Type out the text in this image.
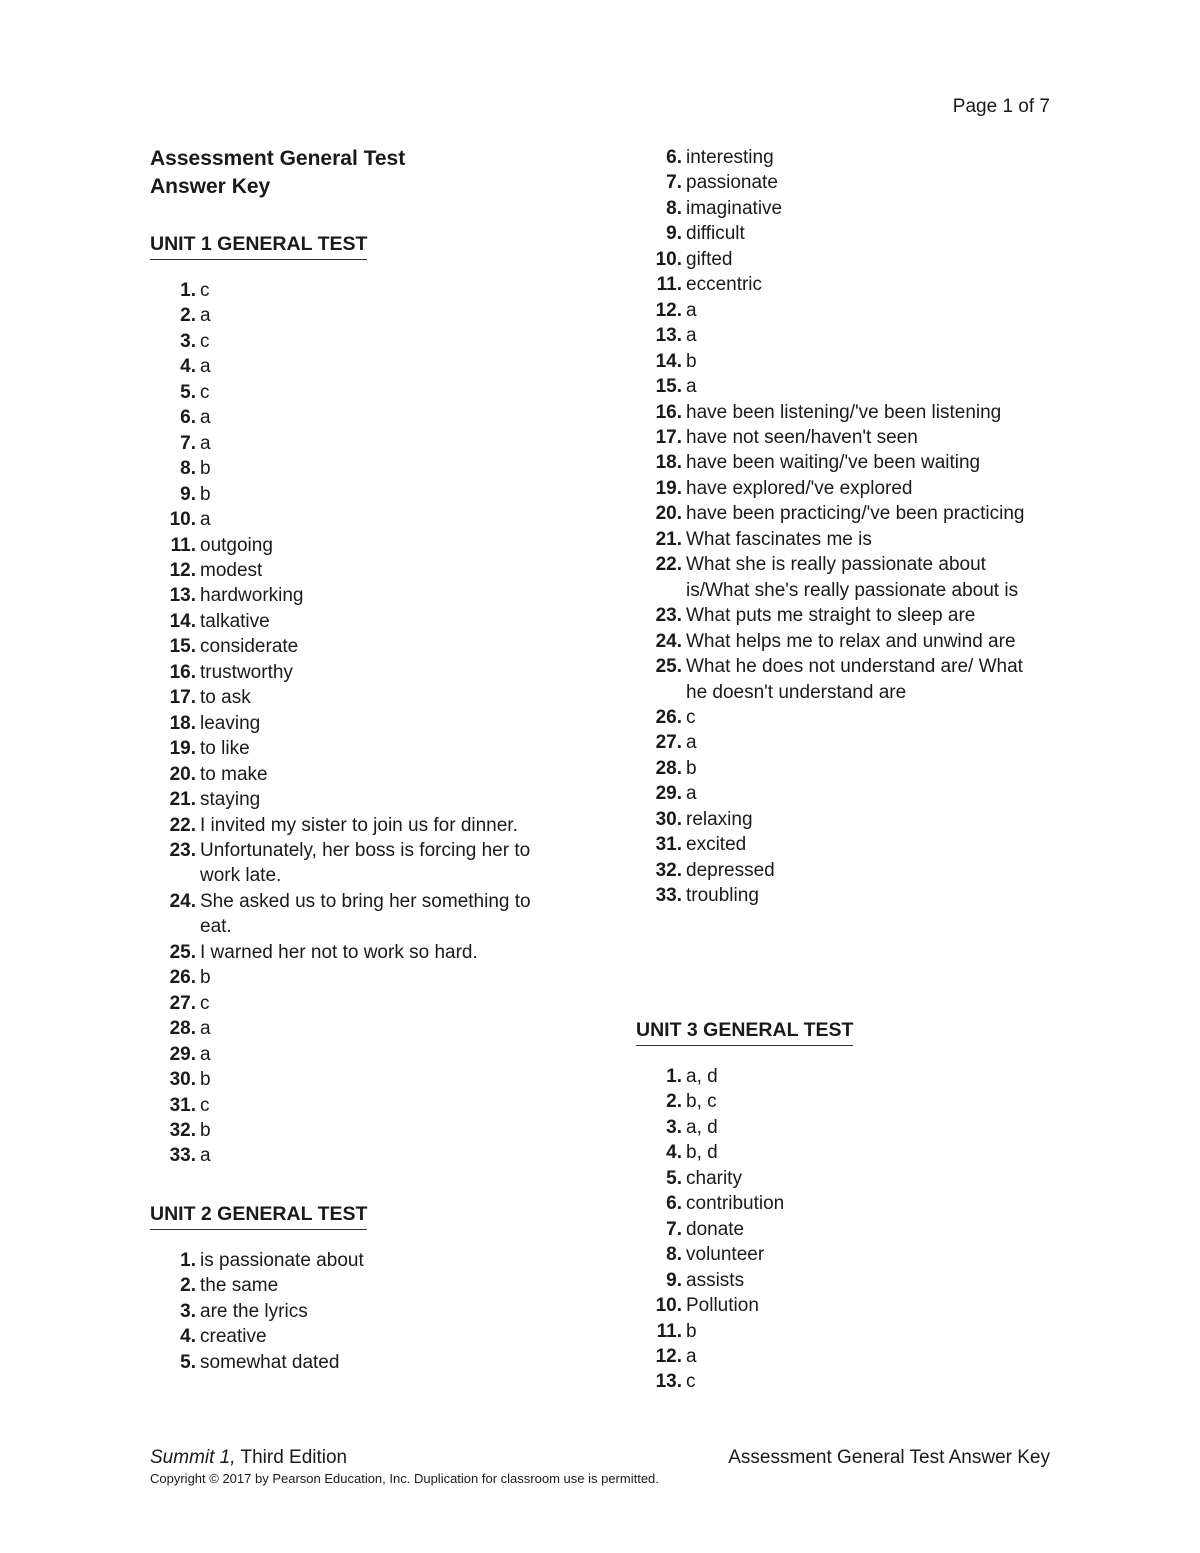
Page 1 of 7
Assessment General Test
Answer Key
UNIT 1 GENERAL TEST
1. c
2. a
3. c
4. a
5. c
6. a
7. a
8. b
9. b
10. a
11. outgoing
12. modest
13. hardworking
14. talkative
15. considerate
16. trustworthy
17. to ask
18. leaving
19. to like
20. to make
21. staying
22. I invited my sister to join us for dinner.
23. Unfortunately, her boss is forcing her to work late.
24. She asked us to bring her something to eat.
25. I warned her not to work so hard.
26. b
27. c
28. a
29. a
30. b
31. c
32. b
33. a
UNIT 2 GENERAL TEST
1. is passionate about
2. the same
3. are the lyrics
4. creative
5. somewhat dated
6. interesting
7. passionate
8. imaginative
9. difficult
10. gifted
11. eccentric
12. a
13. a
14. b
15. a
16. have been listening/'ve been listening
17. have not seen/haven't seen
18. have been waiting/'ve been waiting
19. have explored/'ve explored
20. have been practicing/'ve been practicing
21. What fascinates me is
22. What she is really passionate about is/What she's really passionate about is
23. What puts me straight to sleep are
24. What helps me to relax and unwind are
25. What he does not understand are/ What he doesn't understand are
26. c
27. a
28. b
29. a
30. relaxing
31. excited
32. depressed
33. troubling
UNIT 3 GENERAL TEST
1. a, d
2. b, c
3. a, d
4. b, d
5. charity
6. contribution
7. donate
8. volunteer
9. assists
10. Pollution
11. b
12. a
13. c
Summit 1, Third Edition	Assessment General Test Answer Key
Copyright © 2017 by Pearson Education, Inc. Duplication for classroom use is permitted.
